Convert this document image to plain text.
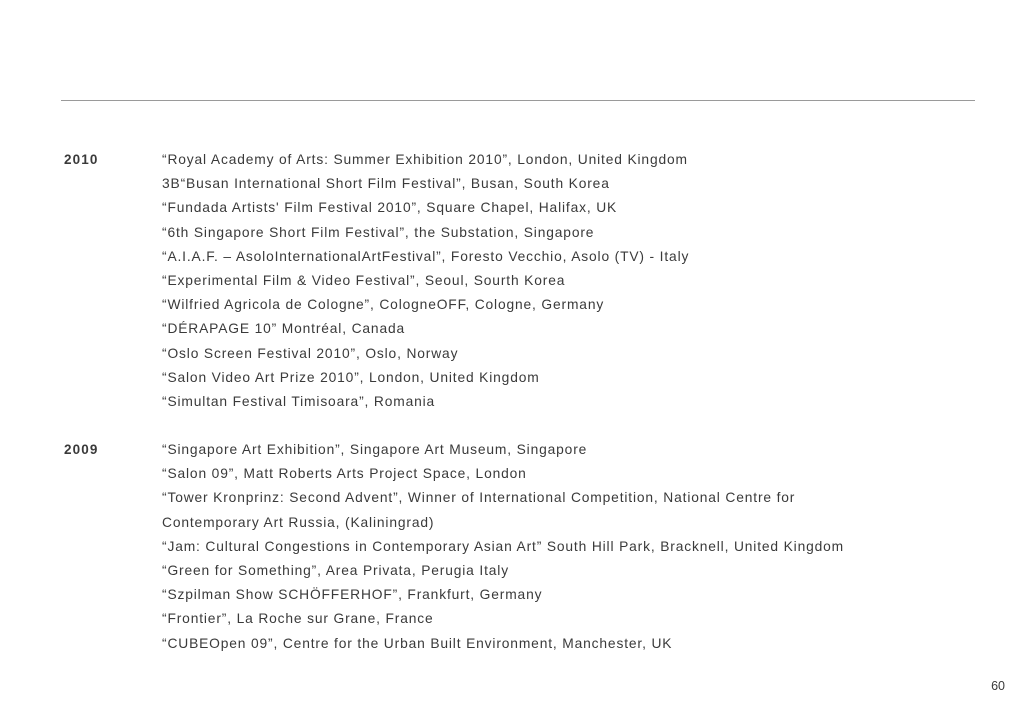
2010	“Royal Academy of Arts: Summer Exhibition 2010”, London, United Kingdom
3B“Busan International Short Film Festival”, Busan, South Korea
“Fundada Artists' Film Festival 2010”, Square Chapel, Halifax, UK
“6th Singapore Short Film Festival”, the Substation, Singapore
“A.I.A.F. – AsoloInternationalArtFestival”, Foresto Vecchio, Asolo (TV) - Italy
“Experimental Film & Video Festival”, Seoul, Sourth Korea
“Wilfried Agricola de Cologne”, CologneOFF, Cologne, Germany
“DÉRAPAGE 10” Montréal, Canada
“Oslo Screen Festival 2010”, Oslo, Norway
“Salon Video Art Prize 2010”, London, United Kingdom
“Simultan Festival Timisoara”, Romania
2009	“Singapore Art Exhibition”, Singapore Art Museum, Singapore
“Salon 09”, Matt Roberts Arts Project Space, London
“Tower Kronprinz: Second Advent”, Winner of International Competition, National Centre for
Contemporary Art Russia, (Kaliningrad)
“Jam: Cultural Congestions in Contemporary Asian Art” South Hill Park, Bracknell, United Kingdom
“Green for Something”, Area Privata, Perugia Italy
“Szpilman Show SCHÖFFERHOF”, Frankfurt, Germany
“Frontier”, La Roche sur Grane, France
“CUBEOpen 09”, Centre for the Urban Built Environment, Manchester, UK
60
